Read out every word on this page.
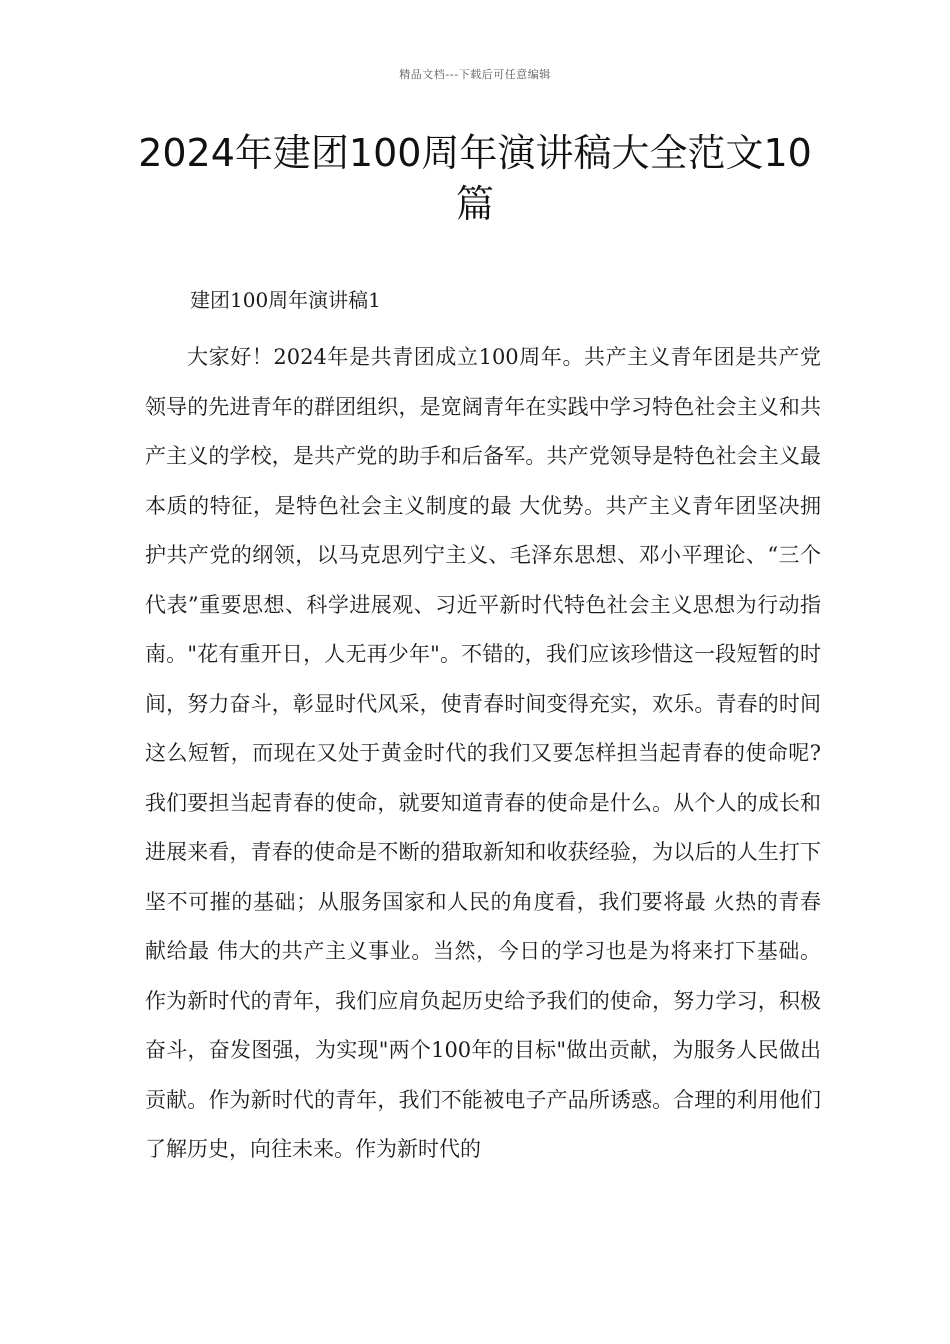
精品文档---下载后可任意编辑
2024年建团100周年演讲稿大全范文10篇

建团100周年演讲稿1

大家好！2024年是共青团成立100周年。共产主义青年团是共产党领导的先进青年的群团组织，是宽阔青年在实践中学习特色社会主义和共产主义的学校，是共产党的助手和后备军。共产党领导是特色社会主义最 本质的特征，是特色社会主义制度的最 大优势。共产主义青年团坚决拥护共产党的纲领，以马克思列宁主义、毛泽东思想、邓小平理论、“三个代表”重要思想、科学进展观、习近平新时代特色社会主义思想为行动指南。"花有重开日，人无再少年"。不错的，我们应该珍惜这一段短暂的时间，努力奋斗，彰显时代风采，使青春时间变得充实，欢乐。青春的时间这么短暂，而现在又处于黄金时代的我们又要怎样担当起青春的使命呢?我们要担当起青春的使命，就要知道青春的使命是什么。从个人的成长和进展来看，青春的使命是不断的猎取新知和收获经验，为以后的人生打下坚不可摧的基础；从服务国家和人民的角度看，我们要将最 火热的青春献给最 伟大的共产主义事业。当然，今日的学习也是为将来打下基础。作为新时代的青年，我们应肩负起历史给予我们的使命，努力学习，积极奋斗，奋发图强，为实现"两个100年的目标"做出贡献，为服务人民做出贡献。作为新时代的青年，我们不能被电子产品所诱惑。合理的利用他们了解历史，向往未来。作为新时代的
